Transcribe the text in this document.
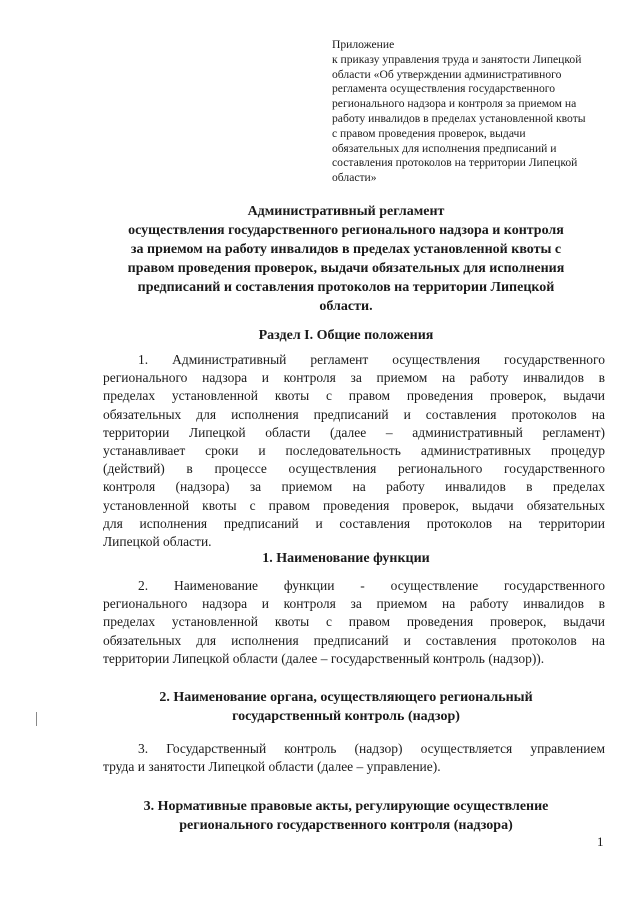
Приложение
к приказу управления труда и занятости Липецкой
области «Об утверждении административного
регламента осуществления государственного
регионального надзора и контроля за приемом на
работу инвалидов в пределах установленной квоты
с правом проведения проверок, выдачи
обязательных для исполнения предписаний и
составления протоколов на территории Липецкой
области»
Административный регламент
осуществления государственного регионального надзора и контроля
за приемом на работу инвалидов в пределах установленной квоты с
правом проведения проверок, выдачи обязательных для исполнения
предписаний и составления протоколов на территории Липецкой
области.
Раздел I. Общие положения
1. Административный регламент осуществления государственного
регионального надзора и контроля за приемом на работу инвалидов в
пределах установленной квоты с правом проведения проверок, выдачи
обязательных для исполнения предписаний и составления протоколов на
территории Липецкой области (далее – административный регламент)
устанавливает сроки и последовательность административных процедур
(действий) в процессе осуществления регионального государственного
контроля (надзора) за приемом на работу инвалидов в пределах
установленной квоты с правом проведения проверок, выдачи обязательных
для исполнения предписаний и составления протоколов на территории
Липецкой области.
1. Наименование функции
2. Наименование функции - осуществление государственного
регионального надзора и контроля за приемом на работу инвалидов в
пределах установленной квоты с правом проведения проверок, выдачи
обязательных для исполнения предписаний и составления протоколов на
территории Липецкой области (далее – государственный контроль (надзор)).
2. Наименование органа, осуществляющего региональный
государственный контроль (надзор)
3. Государственный контроль (надзор) осуществляется управлением
труда и занятости Липецкой области (далее – управление).
3. Нормативные правовые акты, регулирующие осуществление
регионального государственного контроля (надзора)
1
